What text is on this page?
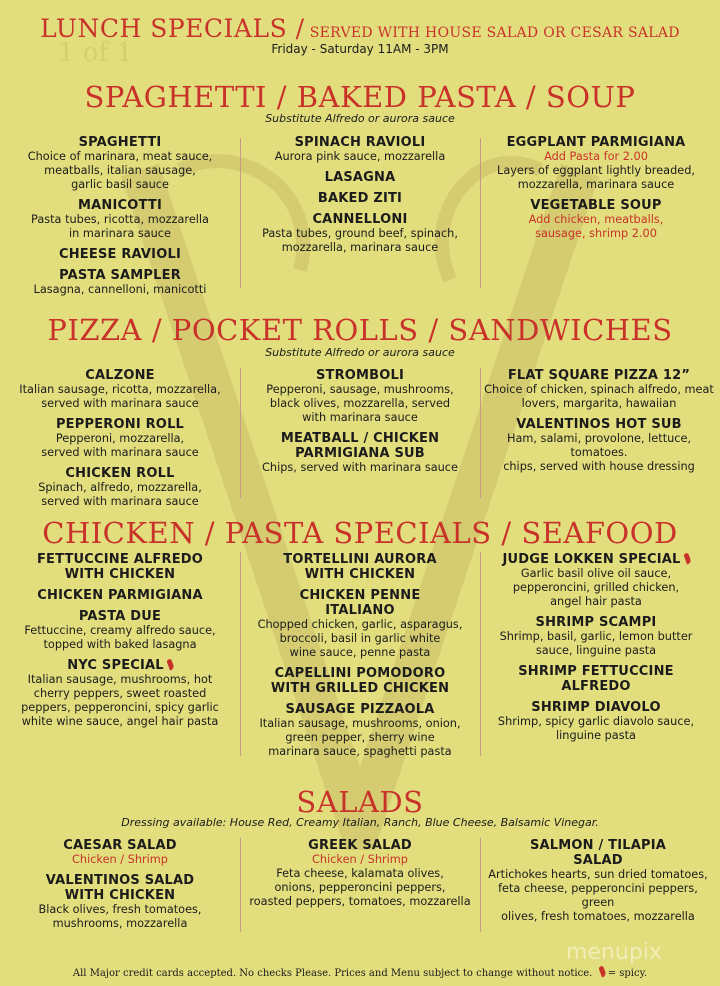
1 of 1
LUNCH SPECIALS / SERVED WITH HOUSE SALAD OR CESAR SALAD
Friday - Saturday 11AM - 3PM
SPAGHETTI / BAKED PASTA / SOUP
Substitute Alfredo or aurora sauce
SPAGHETTI
Choice of marinara, meat sauce,
meatballs, italian sausage,
garlic basil sauce
MANICOTTI
Pasta tubes, ricotta, mozzarella
in marinara sauce
CHEESE RAVIOLI
PASTA SAMPLER
Lasagna, cannelloni, manicotti
SPINACH RAVIOLI
Aurora pink sauce, mozzarella
LASAGNA
BAKED ZITI
CANNELLONI
Pasta tubes, ground beef, spinach,
mozzarella, marinara sauce
EGGPLANT PARMIGIANA
Add Pasta for 2.00
Layers of eggplant lightly breaded,
mozzarella, marinara sauce
VEGETABLE SOUP
Add chicken, meatballs,
sausage, shrimp 2.00
PIZZA / POCKET ROLLS / SANDWICHES
Substitute Alfredo or aurora sauce
CALZONE
Italian sausage, ricotta, mozzarella,
served with marinara sauce
PEPPERONI ROLL
Pepperoni, mozzarella,
served with marinara sauce
CHICKEN ROLL
Spinach, alfredo, mozzarella,
served with marinara sauce
STROMBOLI
Pepperoni, sausage, mushrooms,
black olives, mozzarella, served
with marinara sauce
MEATBALL / CHICKEN
PARMIGIANA SUB
Chips, served with marinara sauce
FLAT SQUARE PIZZA 12”
Choice of chicken, spinach alfredo, meat
lovers, margarita, hawaiian
VALENTINOS HOT SUB
Ham, salami, provolone, lettuce, tomatoes.
chips, served with house dressing
CHICKEN / PASTA SPECIALS / SEAFOOD
FETTUCCINE ALFREDO
WITH CHICKEN
CHICKEN PARMIGIANA
PASTA DUE
Fettuccine, creamy alfredo sauce,
topped with baked lasagna
NYC SPECIAL
Italian sausage, mushrooms, hot
cherry peppers, sweet roasted
peppers, pepperoncini, spicy garlic
white wine sauce, angel hair pasta
TORTELLINI AURORA
WITH CHICKEN
CHICKEN PENNE
ITALIANO
Chopped chicken, garlic, asparagus,
broccoli, basil in garlic white
wine sauce, penne pasta
CAPELLINI POMODORO
WITH GRILLED CHICKEN
SAUSAGE PIZZAOLA
Italian sausage, mushrooms, onion,
green pepper, sherry wine
marinara sauce, spaghetti pasta
JUDGE LOKKEN SPECIAL
Garlic basil olive oil sauce,
pepperoncini, grilled chicken,
angel hair pasta
SHRIMP SCAMPI
Shrimp, basil, garlic, lemon butter
sauce, linguine pasta
SHRIMP FETTUCCINE
ALFREDO
SHRIMP DIAVOLO
Shrimp, spicy garlic diavolo sauce,
linguine pasta
SALADS
Dressing available: House Red, Creamy Italian, Ranch, Blue Cheese, Balsamic Vinegar.
CAESAR SALAD
Chicken / Shrimp
VALENTINOS SALAD
WITH CHICKEN
Black olives, fresh tomatoes,
mushrooms, mozzarella
GREEK SALAD
Chicken / Shrimp
Feta cheese, kalamata olives,
onions, pepperoncini peppers,
roasted peppers, tomatoes, mozzarella
SALMON / TILAPIA
SALAD
Artichokes hearts, sun dried tomatoes,
feta cheese, pepperoncini peppers, green
olives, fresh tomatoes, mozzarella
menupix
All Major credit cards accepted. No checks Please. Prices and Menu subject to change without notice. = spicy.
